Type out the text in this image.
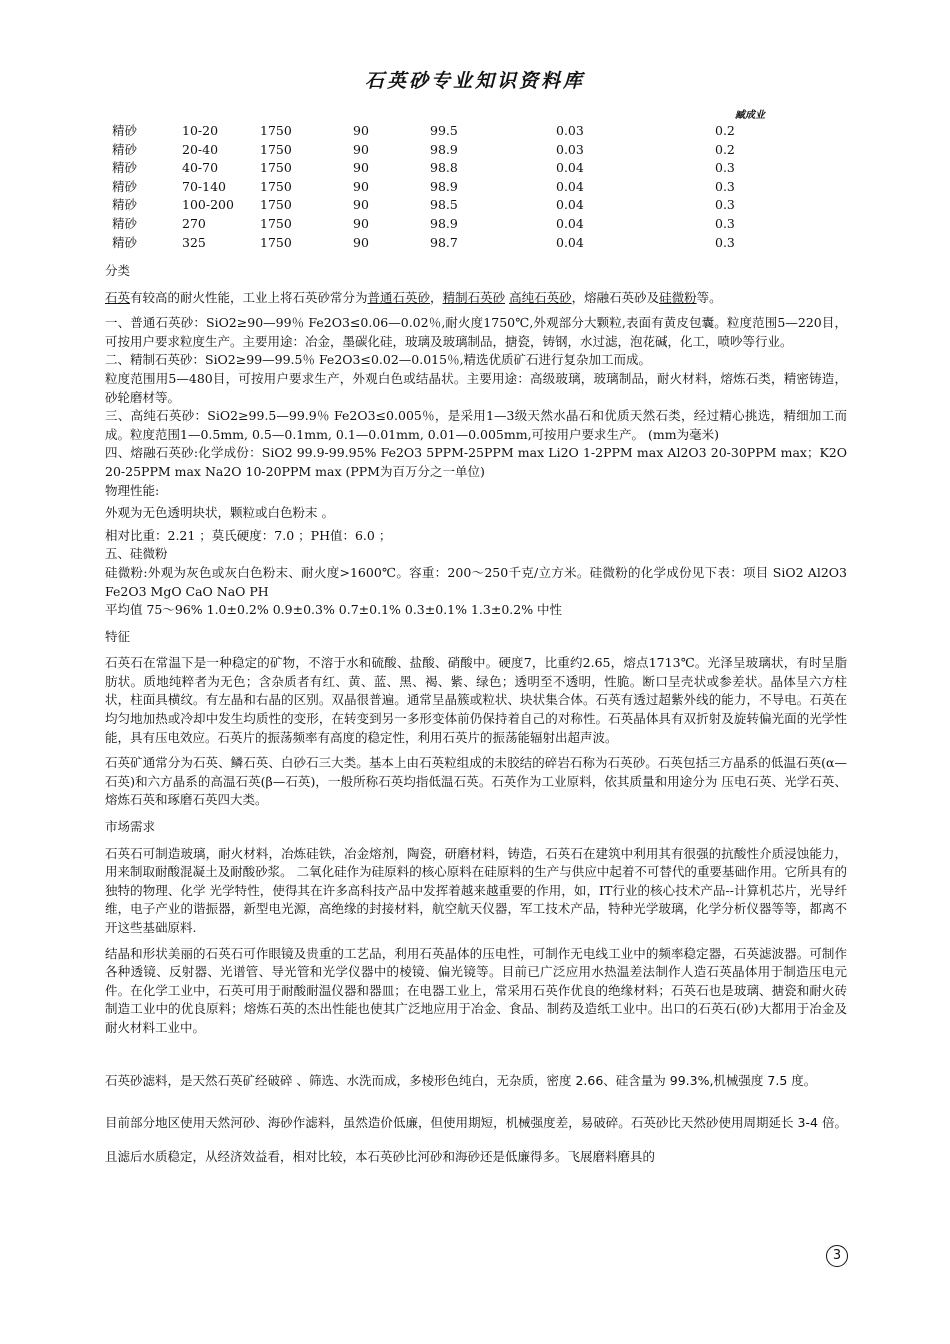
石英砂专业知识资料库
臧成业
精砂	10-20	1750	90	99.5	0.03	0.2
精砂	20-40	1750	90	98.9	0.03	0.2
精砂	40-70	1750	90	98.8	0.04	0.3
精砂	70-140	1750	90	98.9	0.04	0.3
精砂	100-200 1750	90	98.5	0.04	0.3
精砂	270	1750	90	98.9	0.04	0.3
精砂	325	1750	90	98.7	0.04	0.3

分类

石英有较高的耐火性能，工业上将石英砂常分为普通石英砂，精制石英砂 高纯石英砂，熔融石英砂及硅微粉等。

一、普通石英砂：SiO2≥90—99％ Fe2O3≤0.06—0.02％,耐火度1750℃,外观部分大颗粒,表面有黄皮包囊。粒度范围5—220目，可按用户要求粒度生产。主要用途：冶金，墨碳化硅，玻璃及玻璃制品，搪瓷，铸钢，水过滤，泡花碱，化工，喷吵等行业。

二、精制石英砂：SiO2≥99—99.5％ Fe2O3≤0.02—0.015％,精选优质矿石进行复杂加工而成。

粒度范围用5—480目，可按用户要求生产，外观白色或结晶状。主要用途：高级玻璃，玻璃制品，耐火材料，熔炼石类，精密铸造，砂轮磨材等。

三、高纯石英砂：SiO2≥99.5—99.9％ Fe2O3≤0.005％，是采用1—3级天然水晶石和优质天然石类，经过精心挑选，精细加工而成。粒度范围1—0.5mm, 0.5—0.1mm, 0.1—0.01mm, 0.01—0.005mm,可按用户要求生产。 (mm为毫米)

四、熔融石英砂:化学成份：SiO2 99.9-99.95% Fe2O3 5PPM-25PPM max Li2O 1-2PPM max Al2O3 20-30PPM max；K2O 20-25PPM max Na2O 10-20PPM max (PPM为百万分之一单位)

物理性能:

外观为无色透明块状，颗粒或白色粉末 。

相对比重：2.21 ；莫氏硬度：7.0 ；PH值：6.0 ；

五、硅微粉

硅微粉:外观为灰色或灰白色粉末、耐火度>1600℃。容重：200～250千克/立方米。硅微粉的化学成份见下表：项目 SiO2 Al2O3 Fe2O3 MgO CaO NaO PH

平均值 75～96% 1.0±0.2% 0.9±0.3% 0.7±0.1% 0.3±0.1% 1.3±0.2% 中性

特征

石英石在常温下是一种稳定的矿物，不溶于水和硫酸、盐酸、硝酸中。硬度7，比重约2.65，熔点1713℃。光泽呈玻璃状，有时呈脂肪状。质地纯粹者为无色；含杂质者有红、黄、蓝、黑、褐、紫、绿色；透明至不透明，性脆。断口呈壳状或参差状。晶体呈六方柱状，柱面具横纹。有左晶和右晶的区别。双晶很普遍。通常呈晶簇或粒状、块状集合体。石英有透过超紫外线的能力，不导电。石英在均匀地加热或冷却中发生均质性的变形，在转变到另一多形变体前仍保持着自己的对称性。石英晶体具有双折射及旋转偏光面的光学性能，具有压电效应。石英片的振荡频率有高度的稳定性，利用石英片的振荡能辐射出超声波。

石英矿通常分为石英、鳞石英、白砂石三大类。基本上由石英粒组成的未胶结的碎岩石称为石英砂。石英包括三方晶系的低温石英(α—石英)和六方晶系的高温石英(β—石英)，一般所称石英均指低温石英。石英作为工业原料，依其质量和用途分为 压电石英、光学石英、熔炼石英和琢磨石英四大类。

市场需求

石英石可制造玻璃，耐火材料，冶炼硅铁，冶金熔剂，陶瓷，研磨材料，铸造，石英石在建筑中利用其有很强的抗酸性介质浸蚀能力，用来制取耐酸混凝土及耐酸砂浆。 二氧化硅作为硅原料的核心原料在硅原料的生产与供应中起着不可替代的重要基础作用。它所具有的独特的物理、化学 光学特性，使得其在许多高科技产品中发挥着越来越重要的作用，如，IT行业的核心技术产品--计算机芯片，光导纤维，电子产业的谐振器，新型电光源，高绝缘的封接材料，航空航天仪器，军工技术产品，特种光学玻璃，化学分析仪器等等，都离不开这些基础原料.

结晶和形状美丽的石英石可作眼镜及贵重的工艺品，利用石英晶体的压电性，可制作无电线工业中的频率稳定器，石英滤波器。可制作各种透镜、反射器、光谱管、导光管和光学仪器中的棱镜、偏光镜等。目前已广泛应用水热温差法制作人造石英晶体用于制造压电元件。在化学工业中，石英可用于耐酸耐温仪器和器皿；在电器工业上，常采用石英作优良的绝缘材料；石英石也是玻璃、搪瓷和耐火砖制造工业中的优良原料；熔炼石英的杰出性能也使其广泛地应用于冶金、食品、制药及造纸工业中。出口的石英石(砂)大都用于冶金及耐火材料工业中。

石英砂滤料，是天然石英矿经破碎 、筛选、水洗而成，多棱形色纯白，无杂质，密度 2.66、硅含量为 99.3%,机械强度 7.5 度。

目前部分地区使用天然河砂、海砂作滤料，虽然造价低廉，但使用期短，机械强度差，易破碎。石英砂比天然砂使用周期延长 3-4 倍。且滤后水质稳定，从经济效益看，相对比较，本石英砂比河砂和海砂还是低廉得多。飞展磨料磨具的

3
